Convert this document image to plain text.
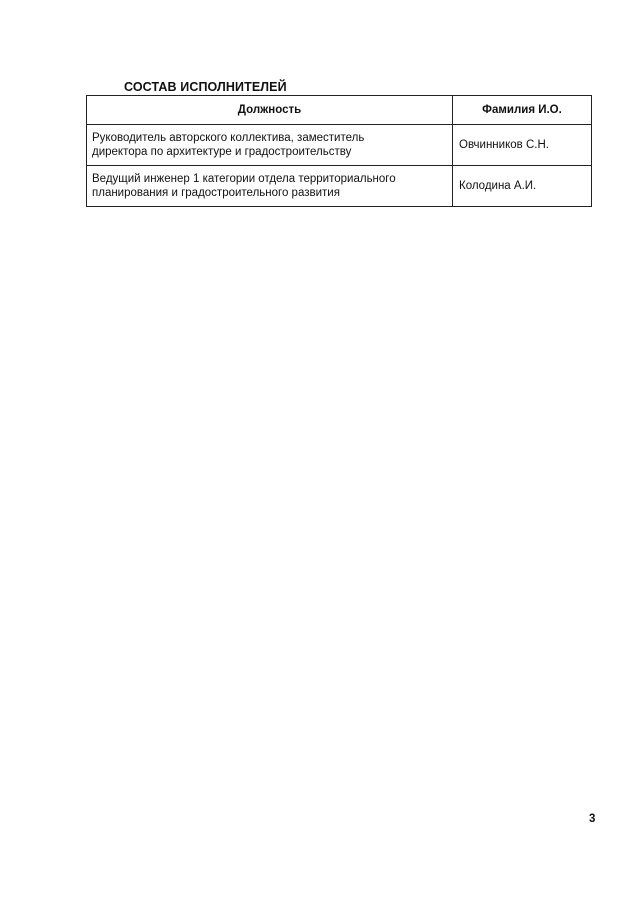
СОСТАВ ИСПОЛНИТЕЛЕЙ
Должность	Фамилия И.О.
Руководитель авторского коллектива, заместитель
директора по архитектуре и градостроительству	Овчинников С.Н.
Ведущий инженер 1 категории отдела территориального
планирования и градостроительного развития	Колодина А.И.
3
